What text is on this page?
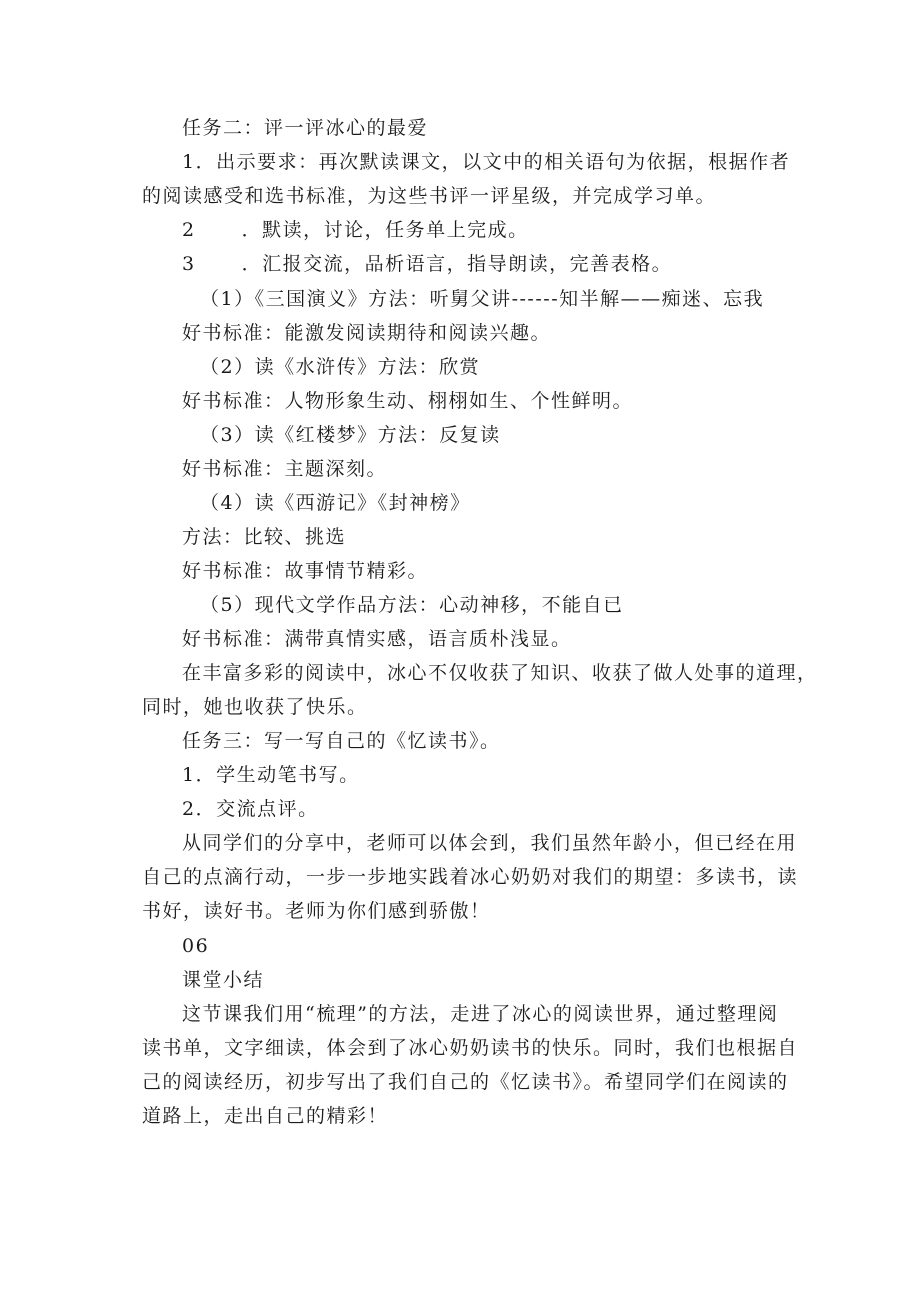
任务二：评一评冰心的最爱
1．出示要求：再次默读课文，以文中的相关语句为依据，根据作者
的阅读感受和选书标准，为这些书评一评星级，并完成学习单。
2 ．默读，讨论，任务单上完成。
3 ．汇报交流，品析语言，指导朗读，完善表格。
（1）《三国演义》方法：听舅父讲------知半解——痴迷、忘我
好书标准：能激发阅读期待和阅读兴趣。
（2）读《水浒传》方法：欣赏
好书标准：人物形象生动、栩栩如生、个性鲜明。
（3）读《红楼梦》方法：反复读
好书标准：主题深刻。
（4）读《西游记》《封神榜》
方法：比较、挑选
好书标准：故事情节精彩。
（5）现代文学作品方法：心动神移，不能自已
好书标准：满带真情实感，语言质朴浅显。
在丰富多彩的阅读中，冰心不仅收获了知识、收获了做人处事的道理，
同时，她也收获了快乐。
任务三：写一写自己的《忆读书》。
1．学生动笔书写。
2．交流点评。
从同学们的分享中，老师可以体会到，我们虽然年龄小，但已经在用
自己的点滴行动，一步一步地实践着冰心奶奶对我们的期望：多读书，读
书好，读好书。老师为你们感到骄傲！
06
课堂小结
这节课我们用“梳理”的方法，走进了冰心的阅读世界，通过整理阅
读书单，文字细读，体会到了冰心奶奶读书的快乐。同时，我们也根据自
己的阅读经历，初步写出了我们自己的《忆读书》。希望同学们在阅读的
道路上，走出自己的精彩！
